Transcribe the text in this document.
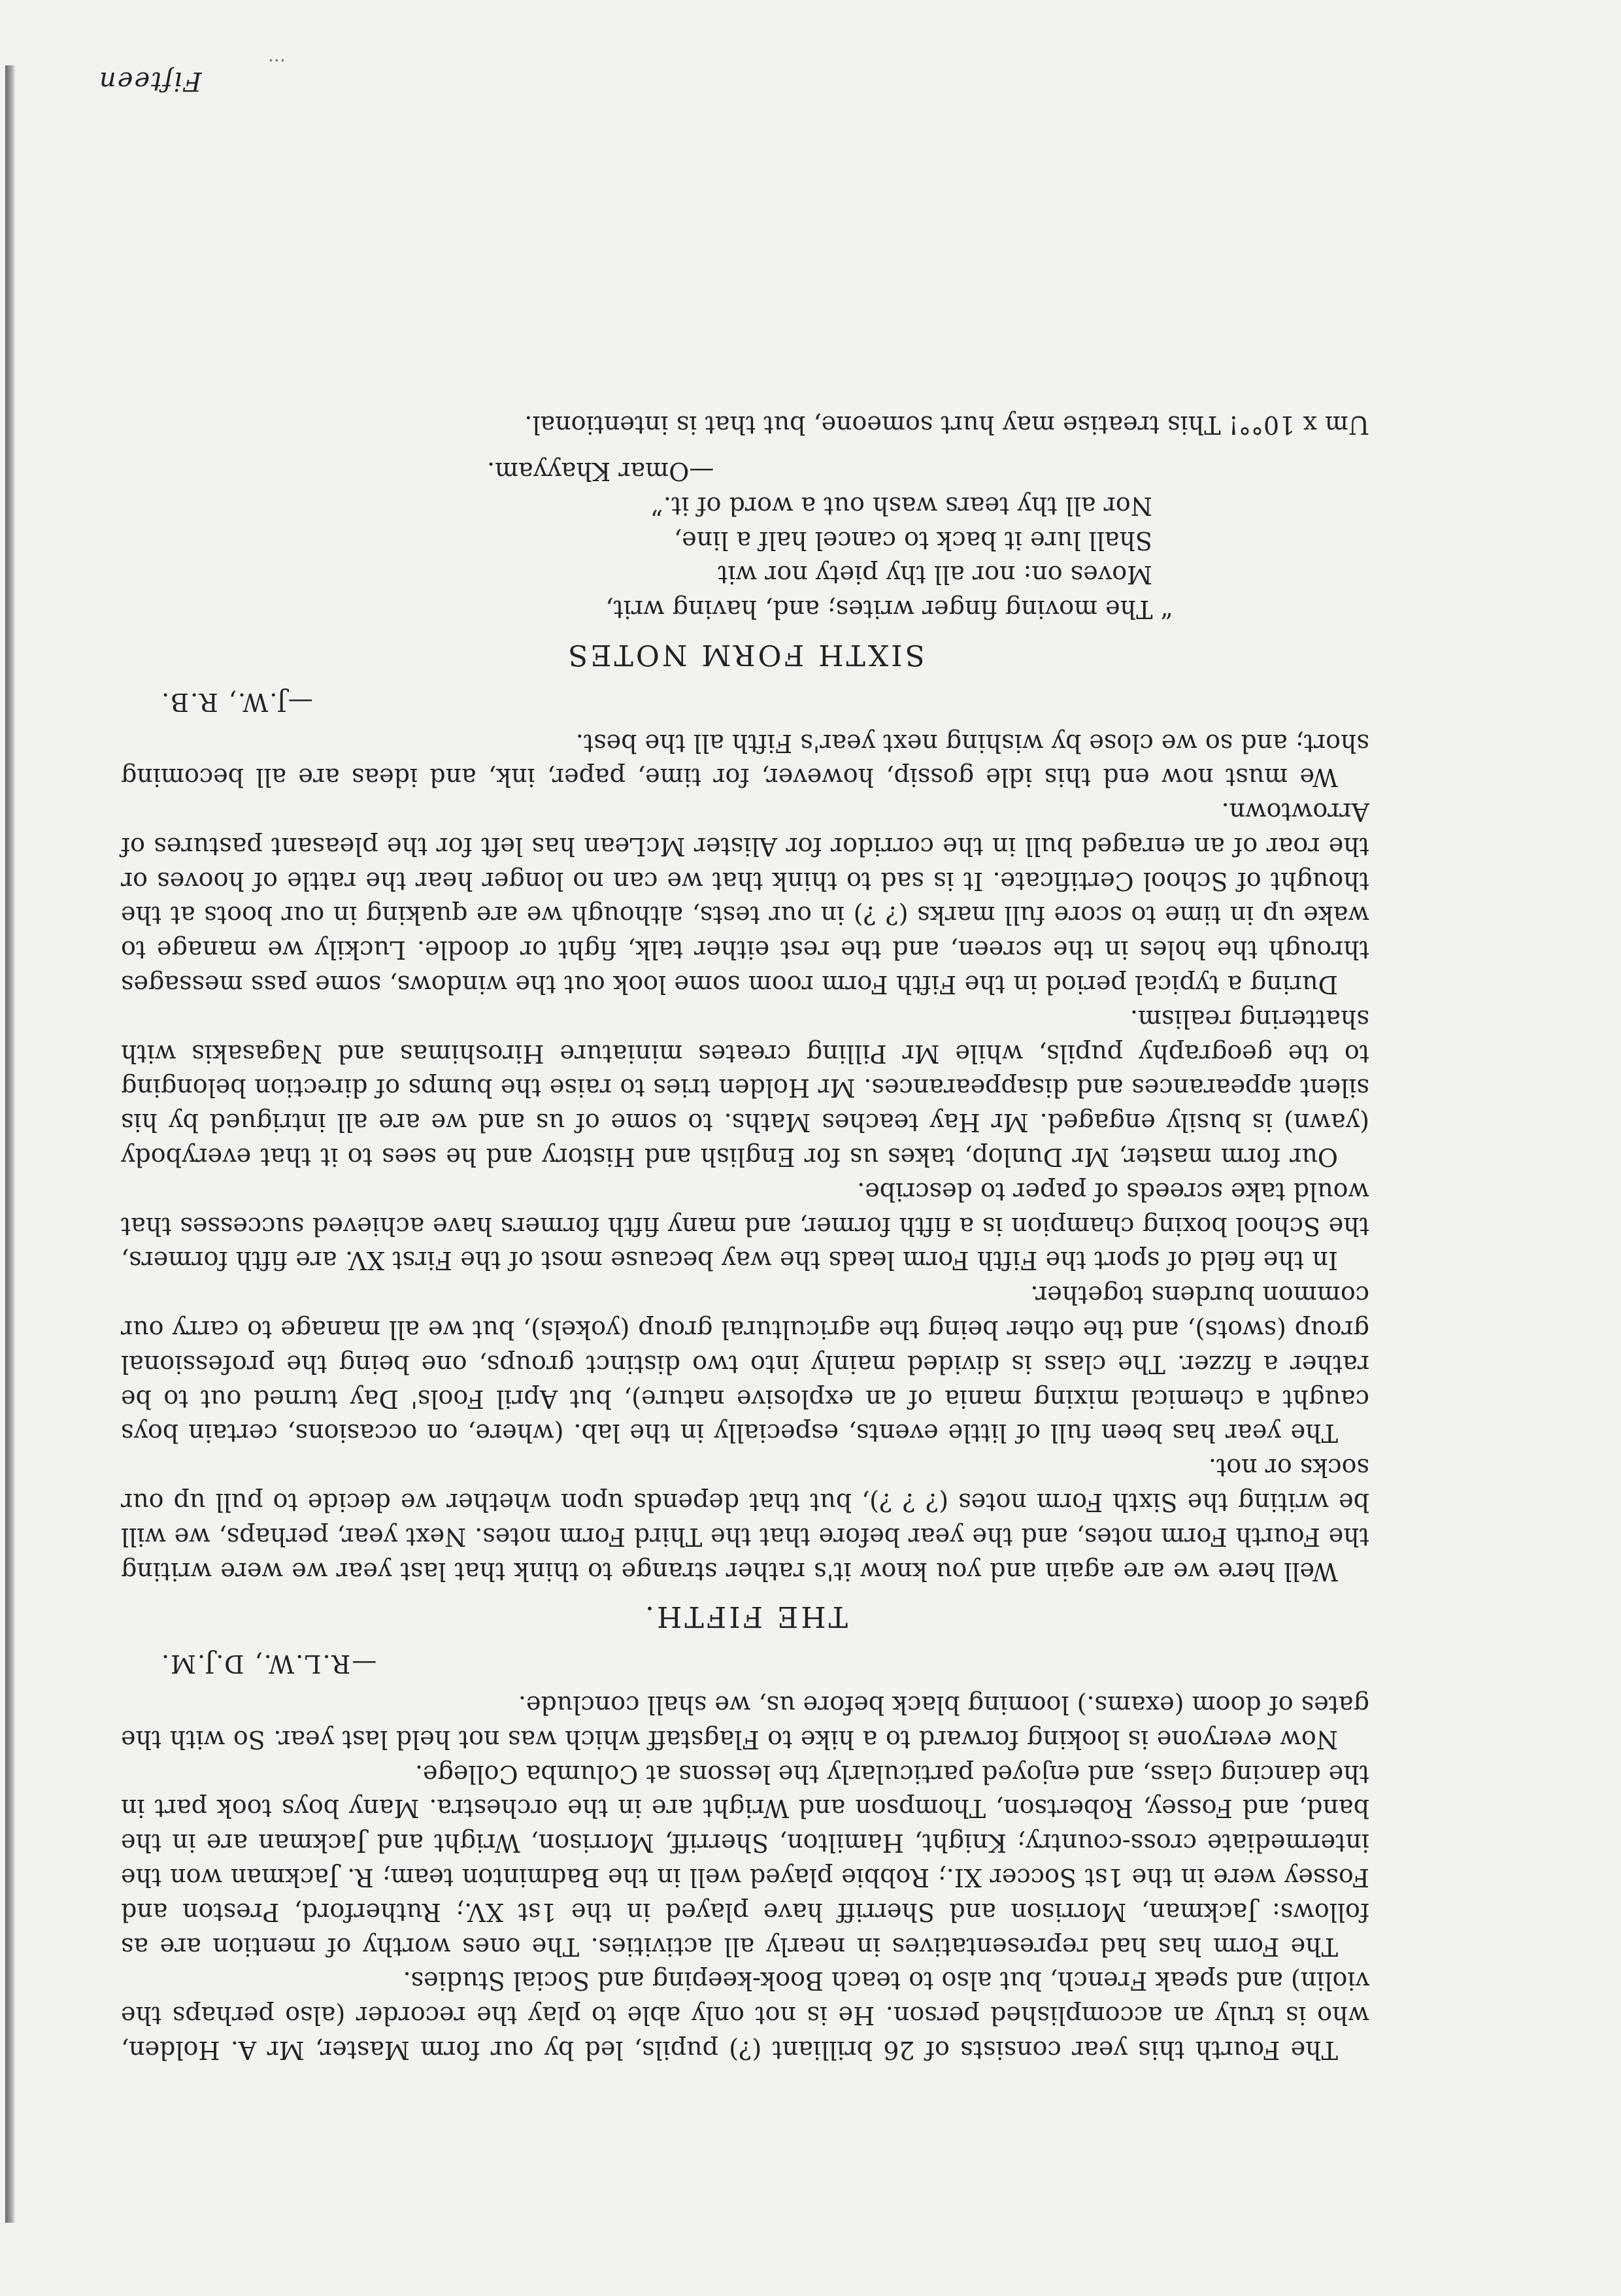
The Fourth this year consists of 26 brilliant (?) pupils, led by our form Master, Mr A. Holden, who is truly an accomplished person. He is not only able to play the recorder (also perhaps the violin) and speak French, but also to teach Book-keeping and Social Studies.

The Form has had representatives in nearly all activities. The ones worthy of mention are as follows: Jackman, Morrison and Sherriff have played in the 1st XV.; Rutherford, Preston and Fossey were in the 1st Soccer XI.; Robbie played well in the Badminton team; R. Jackman won the intermediate cross-country; Knight, Hamilton, Sherriff, Morrison, Wright and Jackman are in the band, and Fossey, Robertson, Thompson and Wright are in the orchestra. Many boys took part in the dancing class, and enjoyed particularly the lessons at Columba College.

Now everyone is looking forward to a hike to Flagstaff which was not held last year. So with the gates of doom (exams.) looming black before us, we shall conclude.

—R.L.W., D.J.M.

THE FIFTH.

Well here we are again and you know it's rather strange to think that last year we were writing the Fourth Form notes, and the year before that the Third Form notes. Next year, perhaps, we will be writing the Sixth Form notes (? ? ?), but that depends upon whether we decide to pull up our socks or not.

The year has been full of little events, especially in the lab. (where, on occasions, certain boys caught a chemical mixing mania of an explosive nature), but April Fools' Day turned out to be rather a fizzer. The class is divided mainly into two distinct groups, one being the professional group (swots), and the other being the agricultural group (yokels), but we all manage to carry our common burdens together.

In the field of sport the Fifth Form leads the way because most of the First XV. are fifth formers, the School boxing champion is a fifth former, and many fifth formers have achieved successes that would take screeds of paper to describe.

Our form master, Mr Dunlop, takes us for English and History and he sees to it that everybody (yawn) is busily engaged. Mr Hay teaches Maths. to some of us and we are all intrigued by his silent appearances and disappearances. Mr Holden tries to raise the bumps of direction belonging to the geography pupils, while Mr Pilling creates miniature Hiroshimas and Nagasakis with shattering realism.

During a typical period in the Fifth Form room some look out the windows, some pass messages through the holes in the screen, and the rest either talk, fight or doodle. Luckily we manage to wake up in time to score full marks (? ?) in our tests, although we are quaking in our boots at the thought of School Certificate. It is sad to think that we can no longer hear the rattle of hooves or the roar of an enraged bull in the corridor for Alister McLean has left for the pleasant pastures of Arrowtown.

We must now end this idle gossip, however, for time, paper, ink, and ideas are all becoming short; and so we close by wishing next year's Fifth all the best.

—J.W., R.B.

SIXTH FORM NOTES
“ The moving finger writes; and, having writ,
Moves on: nor all thy piety nor wit
Shall lure it back to cancel half a line,
Nor all thy tears wash out a word of it.”

—Omar Khayyam.

Um x 10°°! This treatise may hurt someone, but that is intentional.

Fifteen
...
